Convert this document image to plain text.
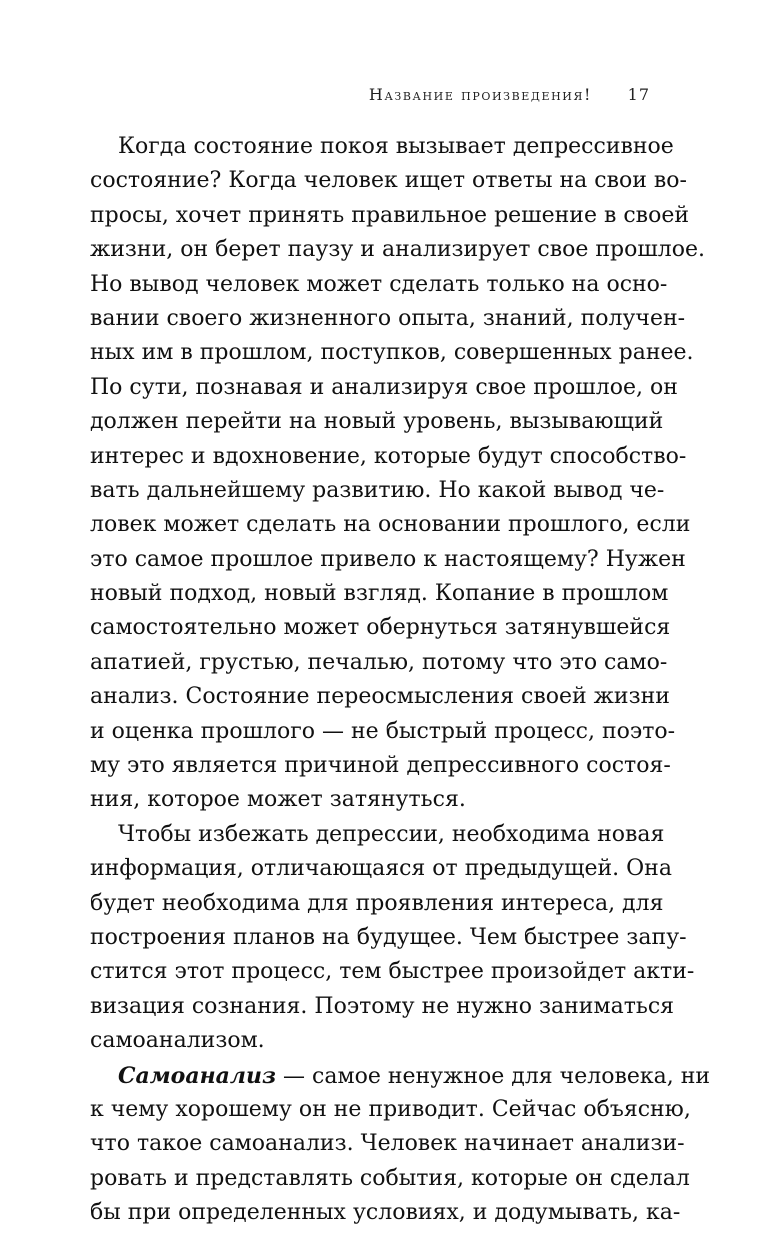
Название произведения! 17
Когда состояние покоя вызывает депрессивное
состояние? Когда человек ищет ответы на свои во-
просы, хочет принять правильное решение в своей
жизни, он берет паузу и анализирует свое прошлое.
Но вывод человек может сделать только на осно-
вании своего жизненного опыта, знаний, получен-
ных им в прошлом, поступков, совершенных ранее.
По сути, познавая и анализируя свое прошлое, он
должен перейти на новый уровень, вызывающий
интерес и вдохновение, которые будут способство-
вать дальнейшему развитию. Но какой вывод че-
ловек может сделать на основании прошлого, если
это самое прошлое привело к настоящему? Нужен
новый подход, новый взгляд. Копание в прошлом
самостоятельно может обернуться затянувшейся
апатией, грустью, печалью, потому что это само-
анализ. Состояние переосмысления своей жизни
и оценка прошлого — не быстрый процесс, поэто-
му это является причиной депрессивного состоя-
ния, которое может затянуться.
Чтобы избежать депрессии, необходима новая
информация, отличающаяся от предыдущей. Она
будет необходима для проявления интереса, для
построения планов на будущее. Чем быстрее запу-
стится этот процесс, тем быстрее произойдет акти-
визация сознания. Поэтому не нужно заниматься
самоанализом.
Самоанализ — самое ненужное для человека, ни
к чему хорошему он не приводит. Сейчас объясню,
что такое самоанализ. Человек начинает анализи-
ровать и представлять события, которые он сделал
бы при определенных условиях, и додумывать, ка-
